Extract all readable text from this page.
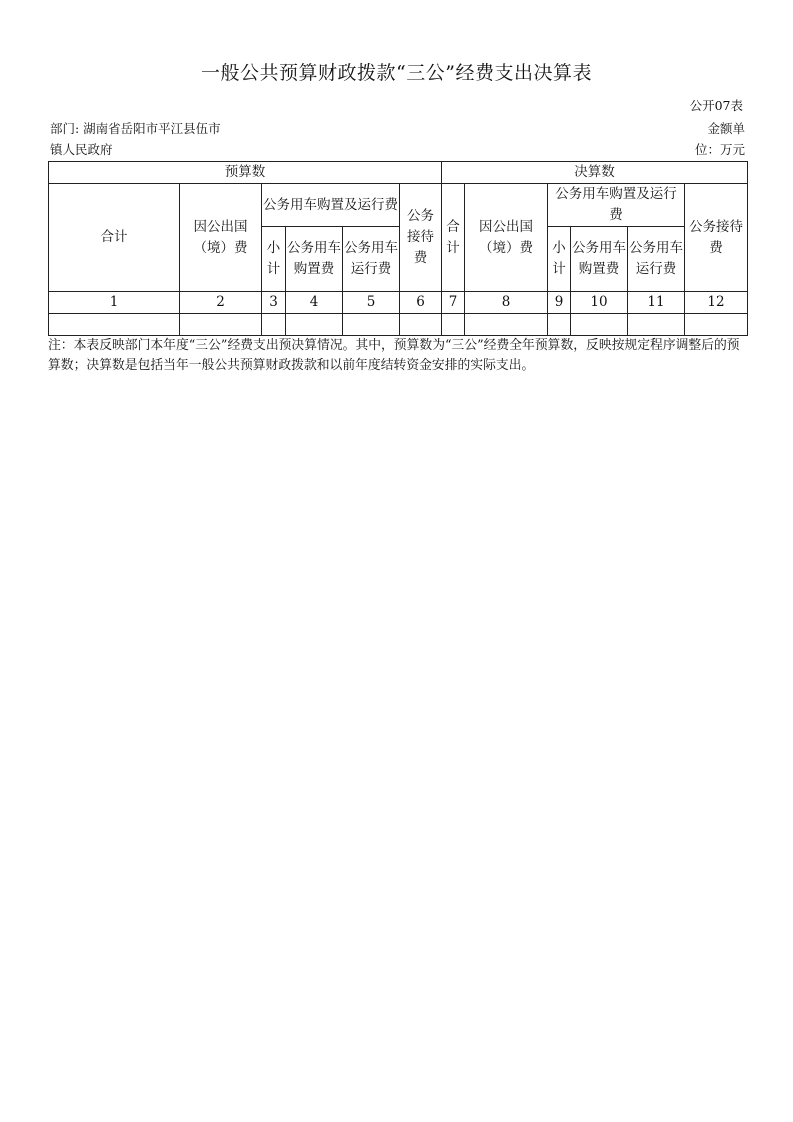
一般公共预算财政拨款“三公”经费支出决算表
公开07表
部门: 湖南省岳阳市平江县伍市镇人民政府
金额单
位：万元
预算数						决算数					
合计	因公出国（境）费	公务用车购置及运行费			公务接待费	合计	因公出国（境）费	公务用车购置及运行费			公务接待费
		小计	公务用车购置费	公务用车运行费				小计	公务用车购置费	公务用车运行费	
1	2	3	4	5	6	7	8	9	10	11	12

注：本表反映部门本年度“三公”经费支出预决算情况。其中，预算数为“三公”经费全年预算数，反映按规定程序调整后的预算数；决算数是包括当年一般公共预算财政拨款和以前年度结转资金安排的实际支出。
